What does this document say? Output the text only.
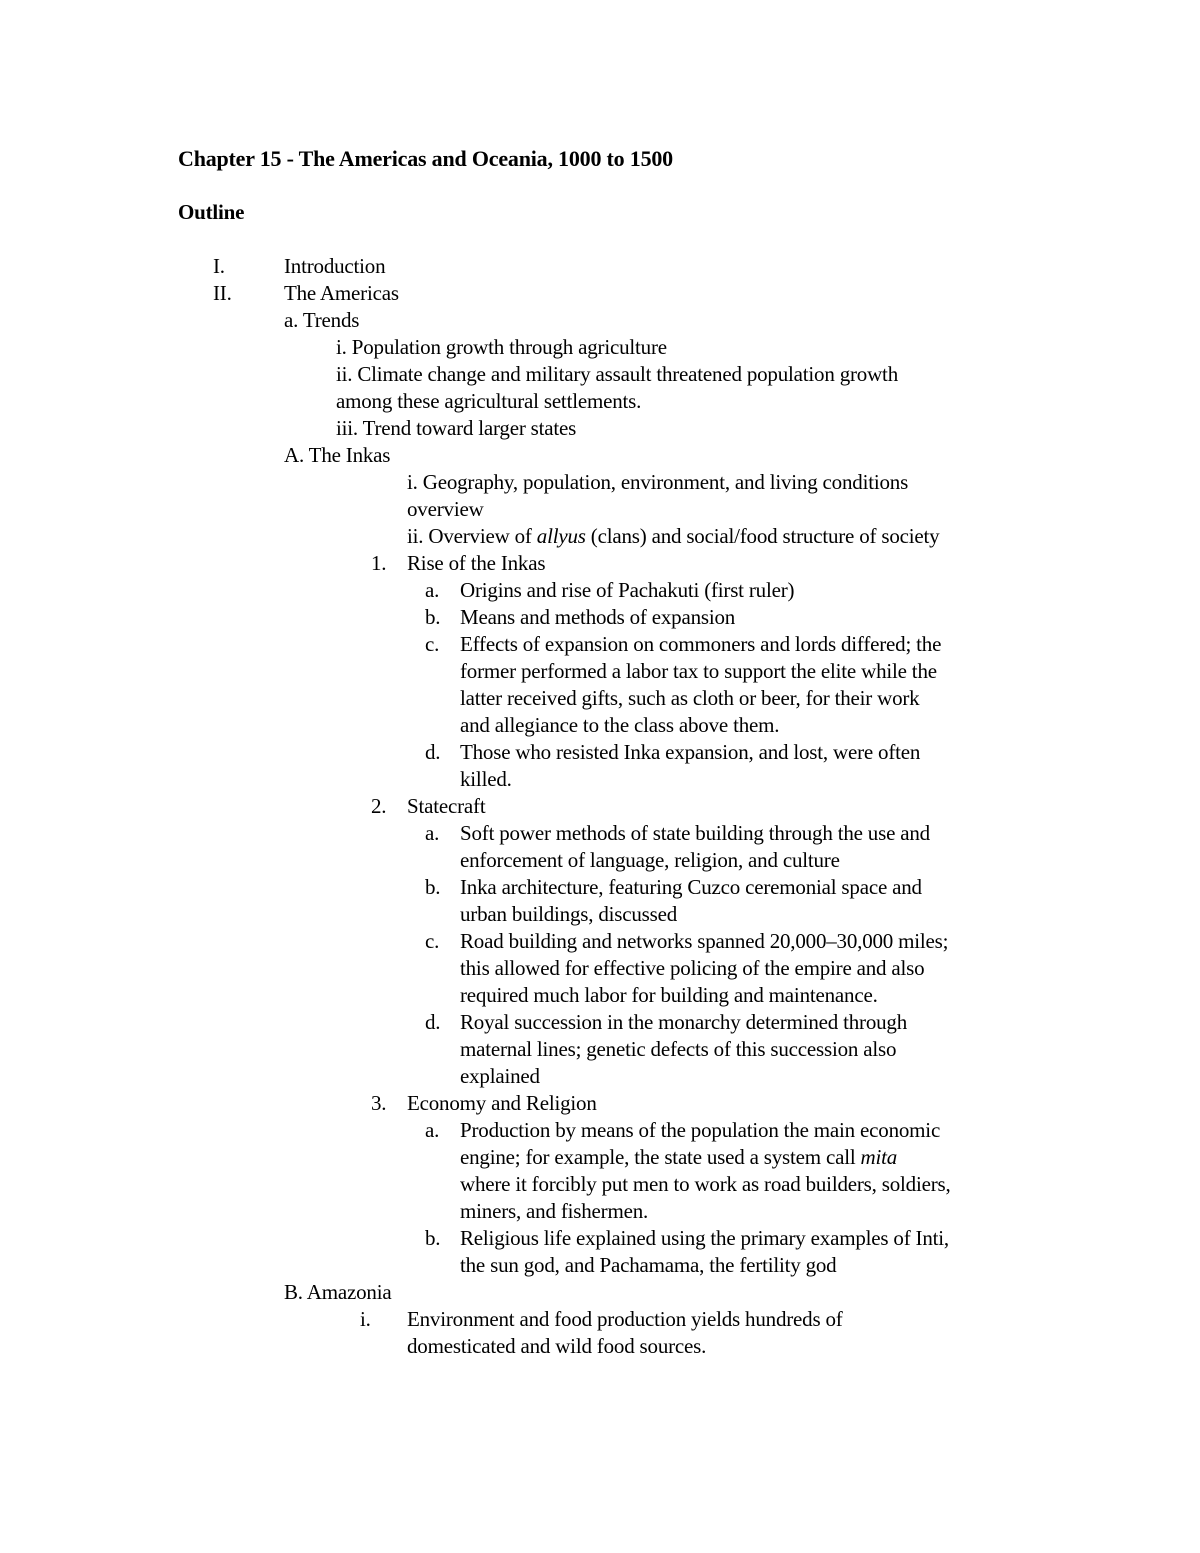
Chapter 15 - The Americas and Oceania, 1000 to 1500
Outline
I.	Introduction
II. The Americas
a. Trends
i. Population growth through agriculture
ii. Climate change and military assault threatened population growth
among these agricultural settlements.
iii. Trend toward larger states
A. The Inkas
i. Geography, population, environment, and living conditions
overview
ii. Overview of allyus (clans) and social/food structure of society
1. Rise of the Inkas
a. Origins and rise of Pachakuti (first ruler)
b. Means and methods of expansion
c. Effects of expansion on commoners and lords differed; the
former performed a labor tax to support the elite while the
latter received gifts, such as cloth or beer, for their work
and allegiance to the class above them.
d. Those who resisted Inka expansion, and lost, were often
killed.
2. Statecraft
a. Soft power methods of state building through the use and
enforcement of language, religion, and culture
b. Inka architecture, featuring Cuzco ceremonial space and
urban buildings, discussed
c. Road building and networks spanned 20,000–30,000 miles;
this allowed for effective policing of the empire and also
required much labor for building and maintenance.
d. Royal succession in the monarchy determined through
maternal lines; genetic defects of this succession also
explained
3. Economy and Religion
a. Production by means of the population the main economic
engine; for example, the state used a system call mita
where it forcibly put men to work as road builders, soldiers,
miners, and fishermen.
b. Religious life explained using the primary examples of Inti,
the sun god, and Pachamama, the fertility god
B. Amazonia
i. Environment and food production yields hundreds of
domesticated and wild food sources.
